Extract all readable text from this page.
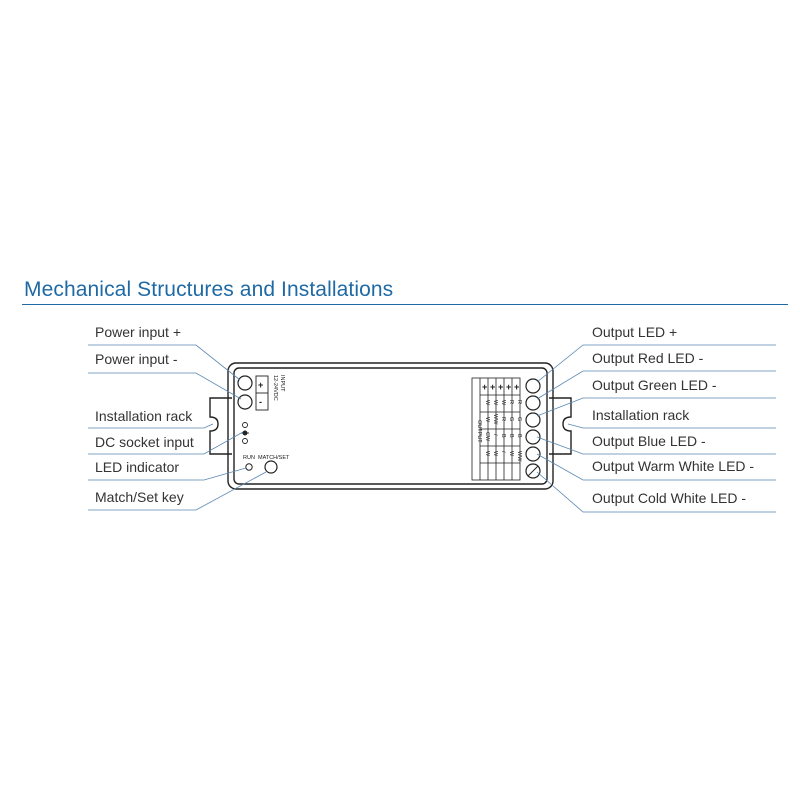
Mechanical Structures and Installations
+
-
INPUT
12-24VDC
RUN MATCH/SET
OUTPUT
+
W
W
CW
W
+
W
WW
/
W
+
W
R
B
/
+
R
G
B
W
+
R
G
B
WW
Power input +
Power input -
Installation rack
DC socket input
LED indicator
Match/Set key
Output LED +
Output Red LED -
Output Green LED -
Installation rack
Output Blue LED -
Output Warm White LED -
Output Cold White LED -
